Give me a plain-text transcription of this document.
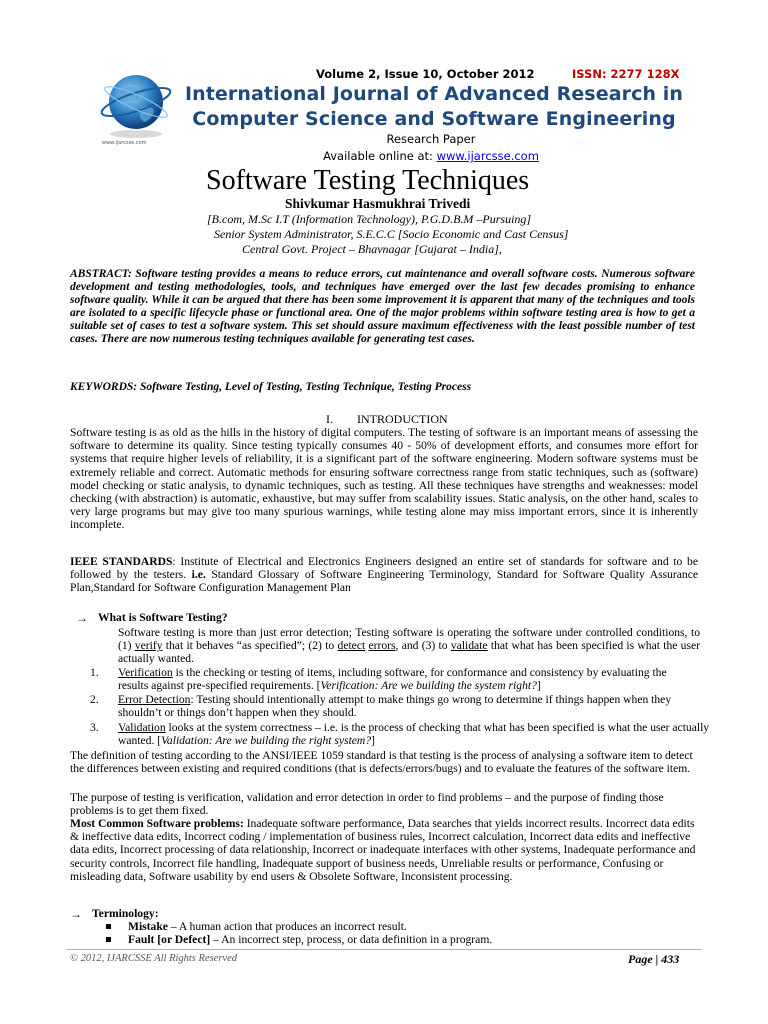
www.ijarcsse.com
Volume 2, Issue 10, October 2012	ISSN: 2277 128X
International Journal of Advanced Research in
Computer Science and Software Engineering
Research Paper
Available online at: www.ijarcsse.com
Software Testing Techniques
Shivkumar Hasmukhrai Trivedi
[B.com, M.Sc I.T (Information Technology), P.G.D.B.M –Pursuing]
Senior System Administrator, S.E.C.C [Socio Economic and Cast Census]
Central Govt. Project – Bhavnagar [Gujarat – India],
ABSTRACT: Software testing provides a means to reduce errors, cut maintenance and overall software costs. Numerous software development and testing methodologies, tools, and techniques have emerged over the last few decades promising to enhance software quality. While it can be argued that there has been some improvement it is apparent that many of the techniques and tools are isolated to a specific lifecycle phase or functional area. One of the major problems within software testing area is how to get a suitable set of cases to test a software system. This set should assure maximum effectiveness with the least possible number of test cases. There are now numerous testing techniques available for generating test cases.
KEYWORDS: Software Testing, Level of Testing, Testing Technique, Testing Process
I. INTRODUCTION
Software testing is as old as the hills in the history of digital computers. The testing of software is an important means of assessing the software to determine its quality. Since testing typically consumes 40 - 50% of development efforts, and consumes more effort for systems that require higher levels of reliability, it is a significant part of the software engineering. Modern software systems must be extremely reliable and correct. Automatic methods for ensuring software correctness range from static techniques, such as (software) model checking or static analysis, to dynamic techniques, such as testing. All these techniques have strengths and weaknesses: model checking (with abstraction) is automatic, exhaustive, but may suffer from scalability issues. Static analysis, on the other hand, scales to very large programs but may give too many spurious warnings, while testing alone may miss important errors, since it is inherently incomplete.
IEEE STANDARDS: Institute of Electrical and Electronics Engineers designed an entire set of standards for software and to be followed by the testers. i.e. Standard Glossary of Software Engineering Terminology, Standard for Software Quality Assurance Plan,Standard for Software Configuration Management Plan
→ What is Software Testing?
Software testing is more than just error detection; Testing software is operating the software under controlled conditions, to (1) verify that it behaves “as specified”; (2) to detect errors, and (3) to validate that what has been specified is what the user actually wanted.
1. Verification is the checking or testing of items, including software, for conformance and consistency by evaluating the results against pre-specified requirements. [Verification: Are we building the system right?]
2. Error Detection: Testing should intentionally attempt to make things go wrong to determine if things happen when they shouldn’t or things don’t happen when they should.
3. Validation looks at the system correctness – i.e. is the process of checking that what has been specified is what the user actually wanted. [Validation: Are we building the right system?]
The definition of testing according to the ANSI/IEEE 1059 standard is that testing is the process of analysing a software item to detect the differences between existing and required conditions (that is defects/errors/bugs) and to evaluate the features of the software item.
The purpose of testing is verification, validation and error detection in order to find problems – and the purpose of finding those problems is to get them fixed.
Most Common Software problems: Inadequate software performance, Data searches that yields incorrect results. Incorrect data edits & ineffective data edits, Incorrect coding / implementation of business rules, Incorrect calculation, Incorrect data edits and ineffective data edits, Incorrect processing of data relationship, Incorrect or inadequate interfaces with other systems, Inadequate performance and security controls, Incorrect file handling, Inadequate support of business needs, Unreliable results or performance, Confusing or misleading data, Software usability by end users & Obsolete Software, Inconsistent processing.
→ Terminology:
Mistake – A human action that produces an incorrect result.
Fault [or Defect] – An incorrect step, process, or data definition in a program.
© 2012, IJARCSSE All Rights Reserved	Page | 433
